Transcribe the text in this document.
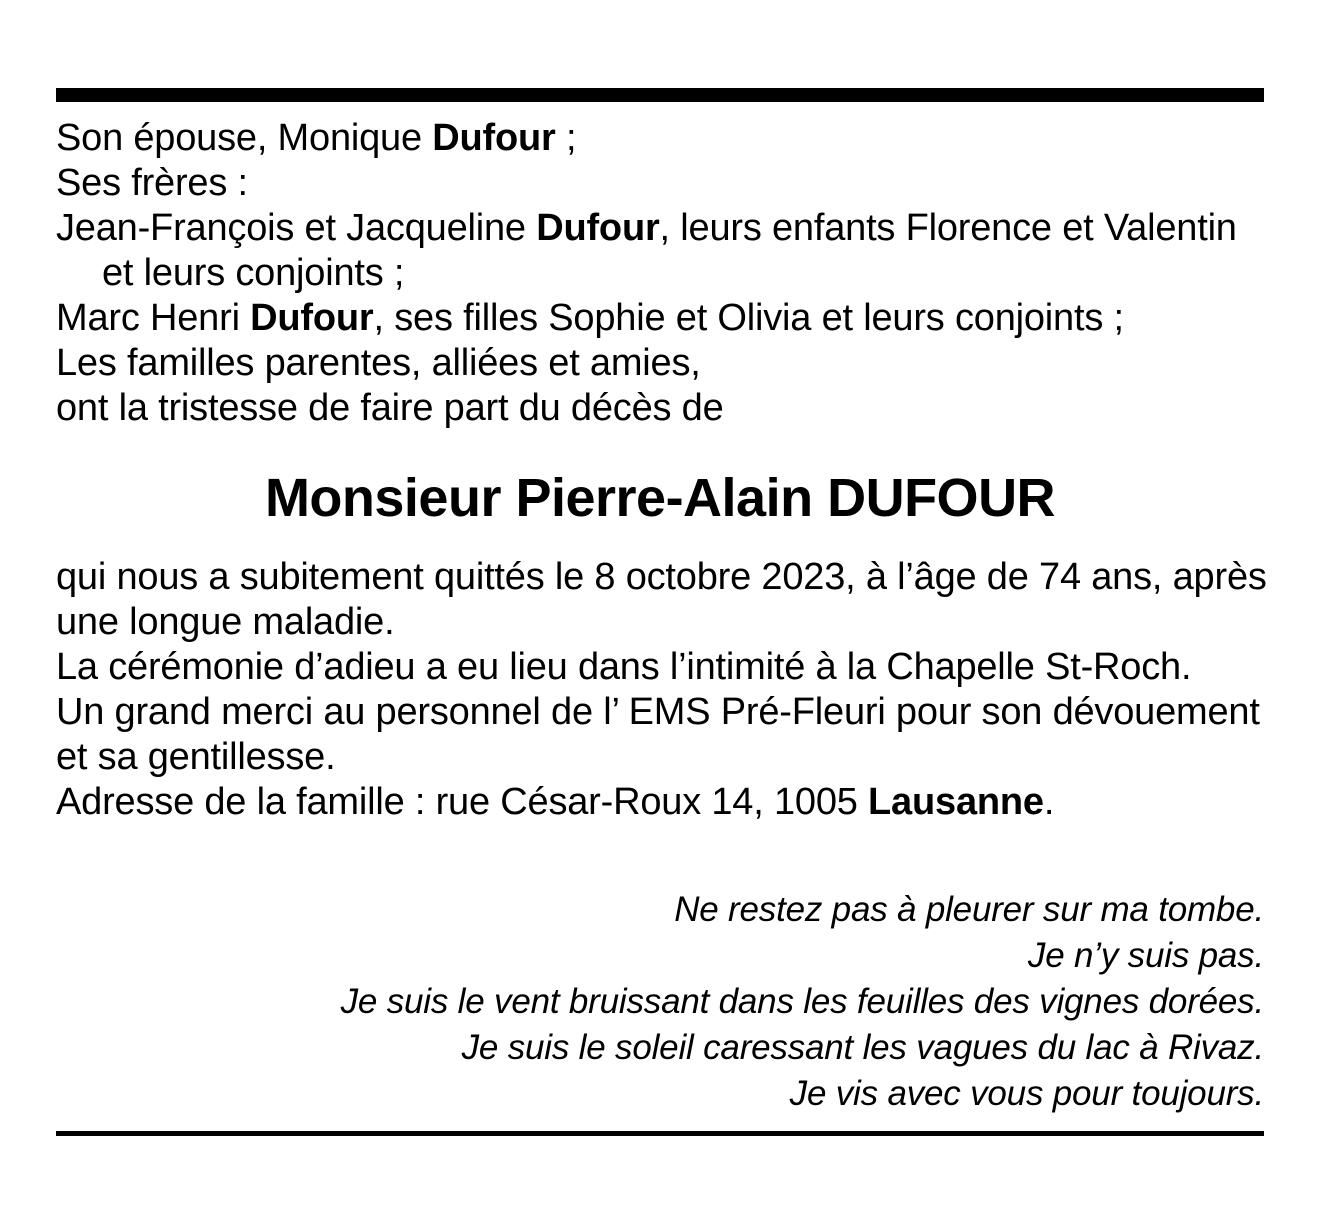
Son épouse, Monique Dufour ;
Ses frères :
Jean-François et Jacqueline Dufour, leurs enfants Florence et Valentin
et leurs conjoints ;
Marc Henri Dufour, ses filles Sophie et Olivia et leurs conjoints ;
Les familles parentes, alliées et amies,
ont la tristesse de faire part du décès de
Monsieur Pierre-Alain DUFOUR
qui nous a subitement quittés le 8 octobre 2023, à l’âge de 74 ans, après
une longue maladie.
La cérémonie d’adieu a eu lieu dans l’intimité à la Chapelle St-Roch.
Un grand merci au personnel de l’ EMS Pré-Fleuri pour son dévouement
et sa gentillesse.
Adresse de la famille : rue César-Roux 14, 1005 Lausanne.
Ne restez pas à pleurer sur ma tombe.
Je n’y suis pas.
Je suis le vent bruissant dans les feuilles des vignes dorées.
Je suis le soleil caressant les vagues du lac à Rivaz.
Je vis avec vous pour toujours.
